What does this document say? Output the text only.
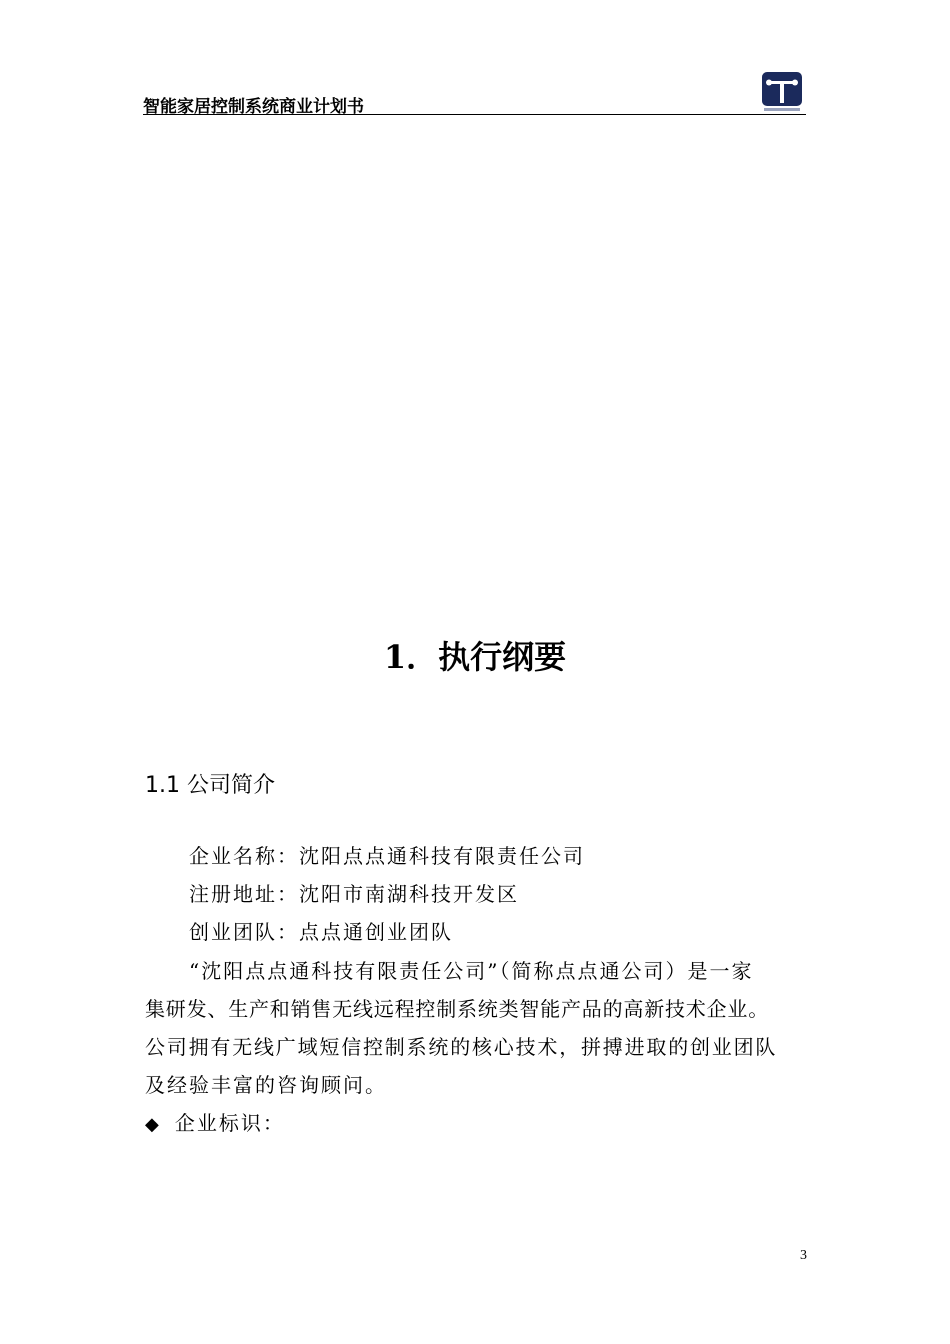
智能家居控制系统商业计划书
1．执行纲要
1.1 公司简介
企业名称：沈阳点点通科技有限责任公司
注册地址：沈阳市南湖科技开发区
创业团队：点点通创业团队
“沈阳点点通科技有限责任公司”（简称点点通公司）是一家
集研发、生产和销售无线远程控制系统类智能产品的高新技术企业。
公司拥有无线广域短信控制系统的核心技术，拼搏进取的创业团队
及经验丰富的咨询顾问。
◆ 企业标识：
3
